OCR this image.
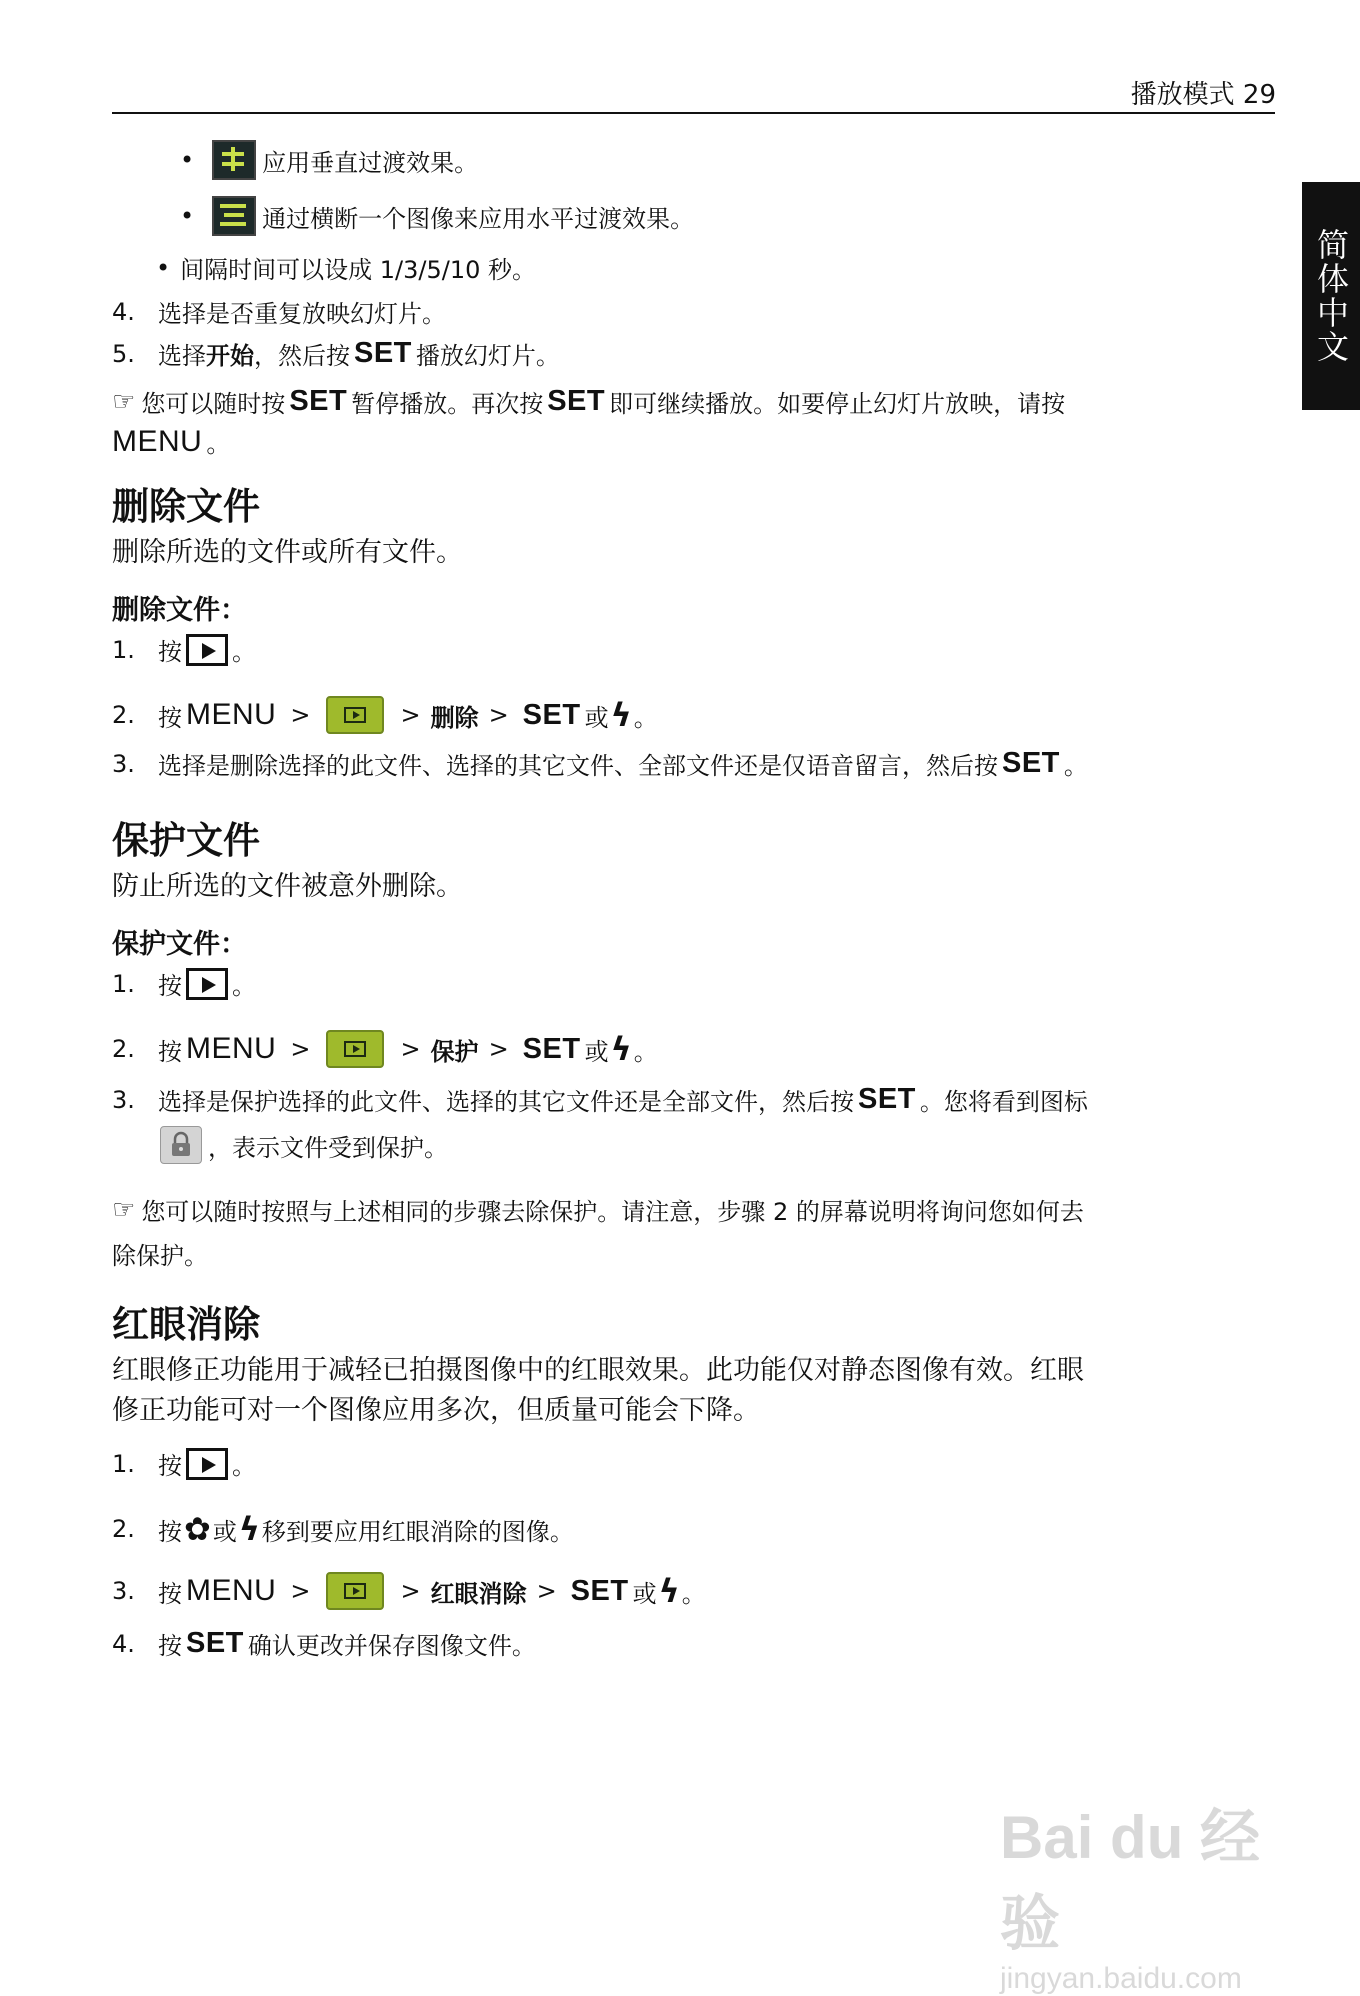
播放模式 29
简体中文
•	应用垂直过渡效果。
•	通过横断一个图像来应用水平过渡效果。
• 间隔时间可以设成 1/3/5/10 秒。
4. 选择是否重复放映幻灯片。
5. 选择 开始 ，然后按 SET 播放幻灯片。
☞ 您可以随时按 SET 暂停播放。再次按 SET 即可继续播放。如要停止幻灯片放映，请按
MENU 。
删除文件
删除所选的文件或所有文件。
删除文件：
1. 按 。
2. 按 MENU >	> 删除 > SET 或 ϟ 。
3. 选择是删除选择的此文件、选择的其它文件、全部文件还是仅语音留言，然后按 SET 。
保护文件
防止所选的文件被意外删除。
保护文件：
1. 按 。
2. 按 MENU >	> 保护 > SET 或 ϟ 。
3. 选择是保护选择的此文件、选择的其它文件还是全部文件，然后按 SET 。您将看到图标
，表示文件受到保护。
☞ 您可以随时按照与上述相同的步骤去除保护。请注意，步骤 2 的屏幕说明将询问您如何去
除保护。
红眼消除
红眼修正功能用于减轻已拍摄图像中的红眼效果。此功能仅对静态图像有效。红眼
修正功能可对一个图像应用多次，但质量可能会下降。
1. 按 。
2. 按 ✿ 或 ϟ 移到要应用红眼消除的图像。
3. 按 MENU >	> 红眼消除 > SET 或 ϟ 。
4. 按 SET 确认更改并保存图像文件。
Bai du 经验
jingyan.baidu.com
